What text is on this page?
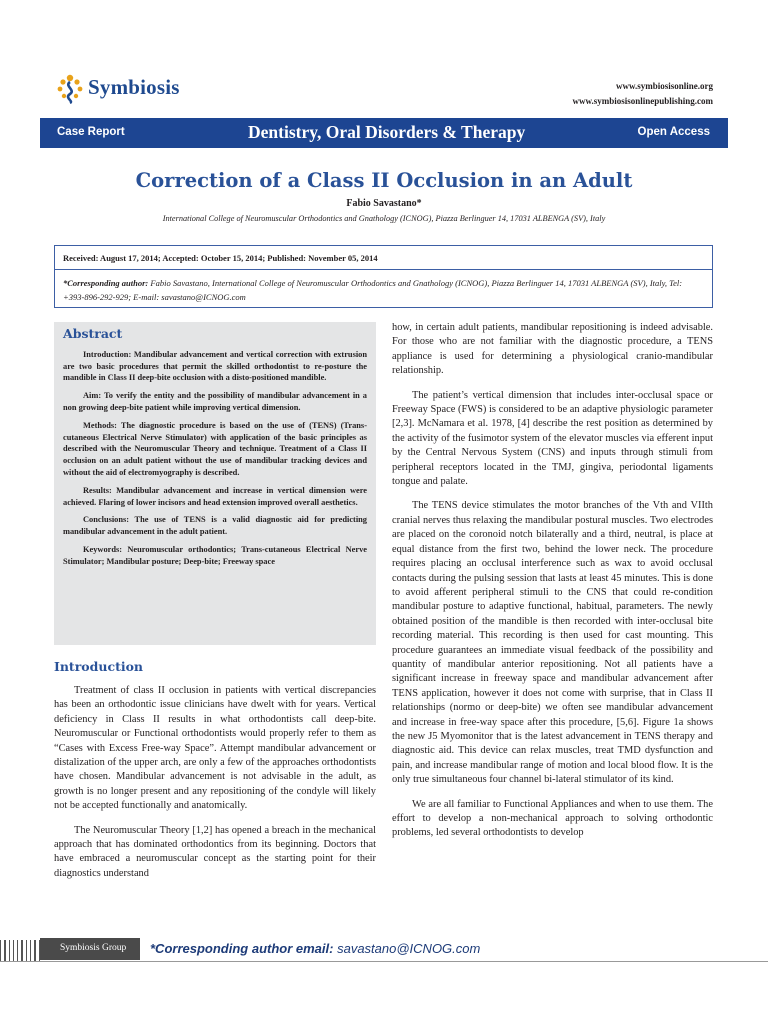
Symbiosis	www.symbiosisonline.org
www.symbiosisonlinepublishing.com
Case Report	Dentistry, Oral Disorders & Therapy	Open Access
Correction of a Class II Occlusion in an Adult
Fabio Savastano*
International College of Neuromuscular Orthodontics and Gnathology (ICNOG), Piazza Berlinguer 14, 17031 ALBENGA (SV), Italy
Received: August 17, 2014; Accepted: October 15, 2014; Published: November 05, 2014
*Corresponding author: Fabio Savastano, International College of Neuromuscular Orthodontics and Gnathology (ICNOG), Piazza Berlinguer 14, 17031 ALBENGA (SV), Italy, Tel: +393-896-292-929; E-mail: savastano@ICNOG.com
Abstract

Introduction: Mandibular advancement and vertical correction with extrusion are two basic procedures that permit the skilled orthodontist to re-posture the mandible in Class II deep-bite occlusion with a disto-positioned mandible.

Aim: To verify the entity and the possibility of mandibular advancement in a non growing deep-bite patient while improving vertical dimension.

Methods: The diagnostic procedure is based on the use of (TENS) (Trans-cutaneous Electrical Nerve Stimulator) with application of the basic principles as described with the Neuromuscular Theory and technique. Treatment of a Class II occlusion on an adult patient without the use of mandibular tracking devices and without the aid of electromyography is described.

Results: Mandibular advancement and increase in vertical dimension were achieved. Flaring of lower incisors and head extension improved overall aesthetics.

Conclusions: The use of TENS is a valid diagnostic aid for predicting mandibular advancement in the adult patient.

Keywords: Neuromuscular orthodontics; Trans-cutaneous Electrical Nerve Stimulator; Mandibular posture; Deep-bite; Freeway space

Introduction

Treatment of class II occlusion in patients with vertical discrepancies has been an orthodontic issue clinicians have dwelt with for years. Vertical deficiency in Class II results in what orthodontists call deep-bite. Neuromuscular or Functional orthodontists would properly refer to them as “Cases with Excess Free-way Space”. Attempt mandibular advancement or distalization of the upper arch, are only a few of the approaches orthodontists have chosen. Mandibular advancement is not advisable in the adult, as growth is no longer present and any repositioning of the condyle will likely not be accepted functionally and anatomically.

The Neuromuscular Theory [1,2] has opened a breach in the mechanical approach that has dominated orthodontics from its beginning. Doctors that have embraced a neuromuscular concept as the starting point for their diagnostics understand

how, in certain adult patients, mandibular repositioning is indeed advisable. For those who are not familiar with the diagnostic procedure, a TENS appliance is used for determining a physiological cranio-mandibular relationship.

The patient’s vertical dimension that includes inter-occlusal space or Freeway Space (FWS) is considered to be an adaptive physiologic parameter [2,3]. McNamara et al. 1978, [4] describe the rest position as determined by the activity of the fusimotor system of the elevator muscles via efferent input by the Central Nervous System (CNS) and inputs through stimuli from peripheral receptors located in the TMJ, gingiva, periodontal ligaments tongue and palate.

The TENS device stimulates the motor branches of the Vth and VIIth cranial nerves thus relaxing the mandibular postural muscles. Two electrodes are placed on the coronoid notch bilaterally and a third, neutral, is place at equal distance from the first two, behind the lower neck. The procedure requires placing an occlusal interference such as wax to avoid occlusal contacts during the pulsing session that lasts at least 45 minutes. This is done to avoid afferent peripheral stimuli to the CNS that could re-condition mandibular posture to adaptive functional, habitual, parameters. The newly obtained position of the mandible is then recorded with inter-occlusal bite recording material. This recording is then used for cast mounting. This procedure guarantees an immediate visual feedback of the possibility and quantity of mandibular anterior repositioning. Not all patients have a significant increase in freeway space and mandibular advancement after TENS application, however it does not come with surprise, that in Class II relationships (normo or deep-bite) we often see mandibular advancement and increase in free-way space after this procedure, [5,6]. Figure 1a shows the new J5 Myomonitor that is the latest advancement in TENS therapy and diagnostic aid. This device can relax muscles, treat TMD dysfunction and pain, and increase mandibular range of motion and local blood flow. It is the only true simultaneous four channel bi-lateral stimulator of its kind.

We are all familiar to Functional Appliances and when to use them. The effort to develop a non-mechanical approach to solving orthodontic problems, led several orthodontists to develop

Symbiosis Group	*Corresponding author email: savastano@ICNOG.com
